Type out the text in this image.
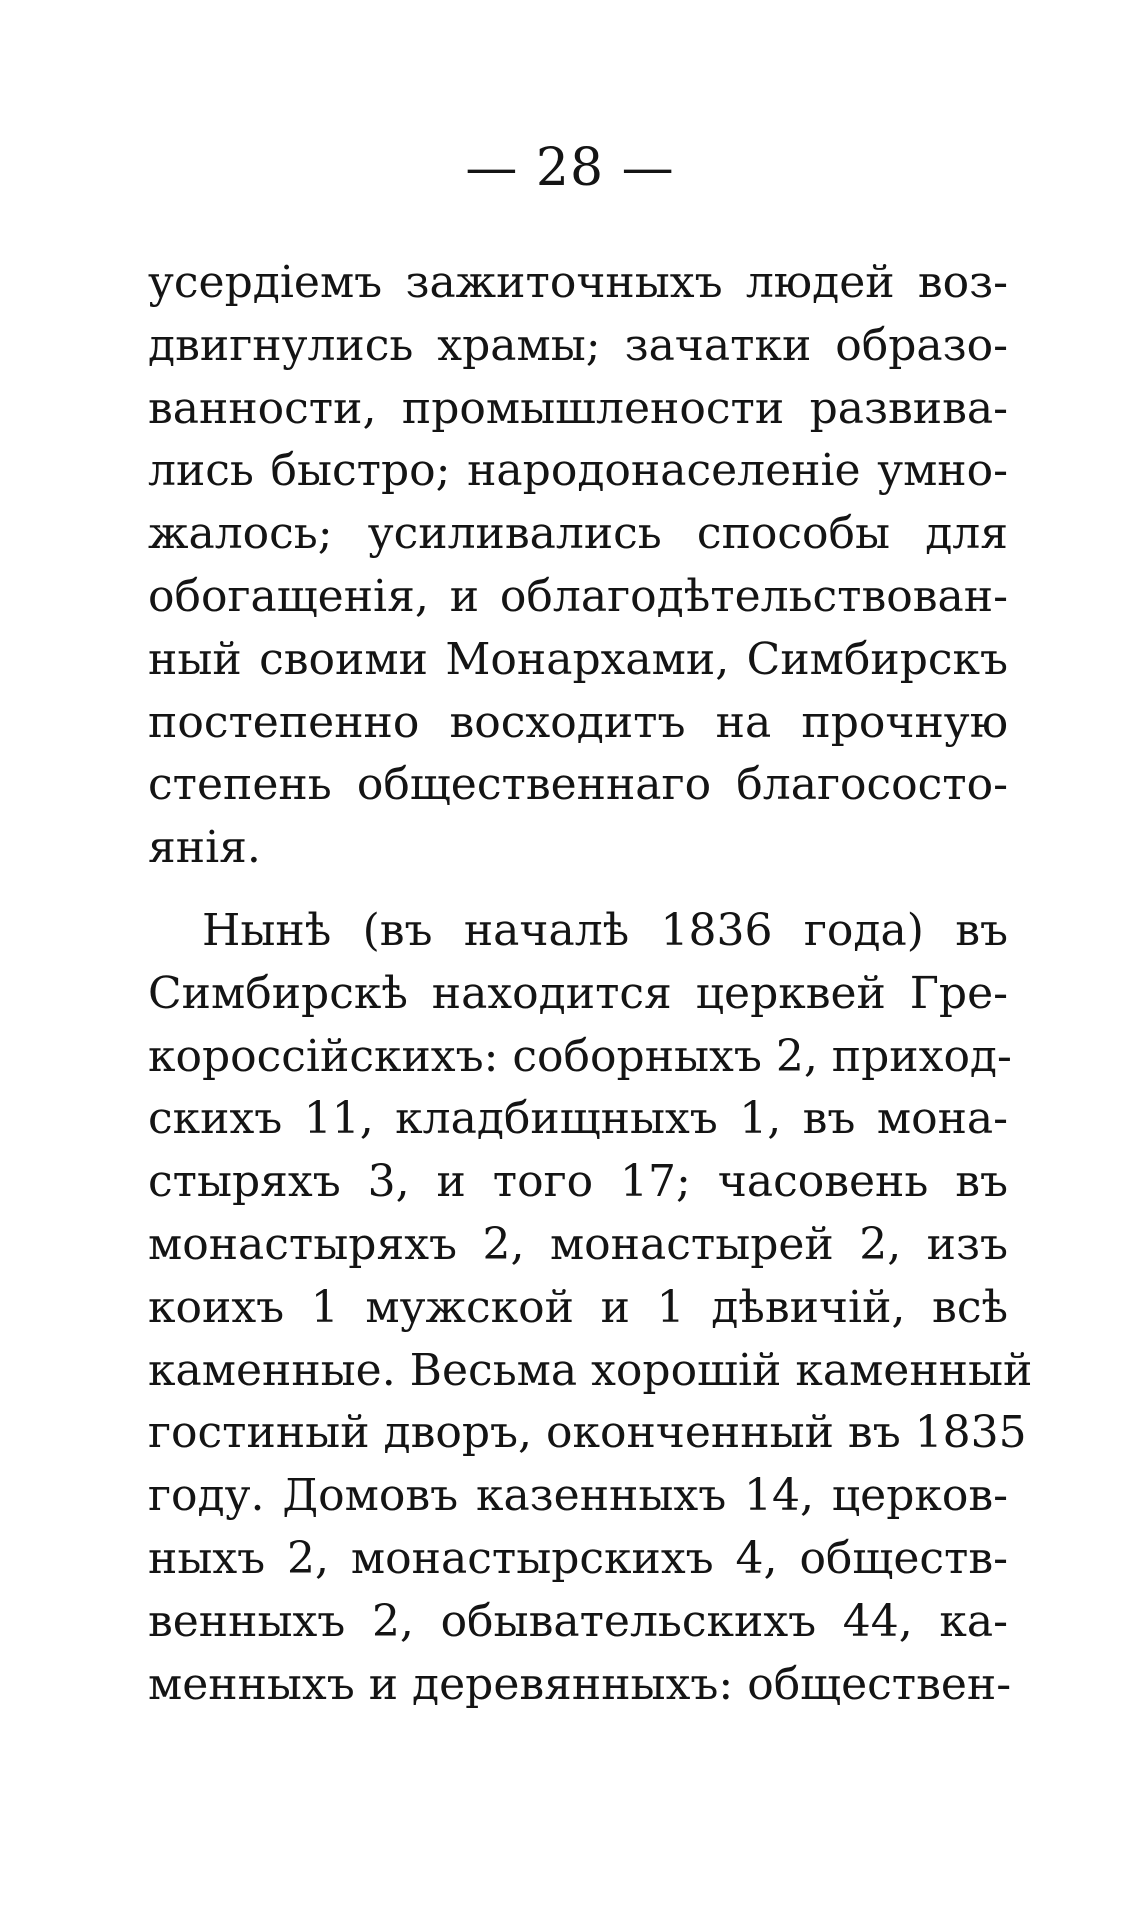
— 28 —
усердіемъ зажиточныхъ людей воз-
двигнулись храмы; зачатки образо-
ванности, промышлености развива-
лись быстро; народонаселеніе умно-
жалось; усиливались способы для
обогащенія, и облагодѣтельствован-
ный своими Монархами, Симбирскъ
постепенно восходитъ на прочную
степень общественнаго благососто-
янія.
Нынѣ (въ началѣ 1836 года) въ
Симбирскѣ находится церквей Гре-
короссійскихъ: соборныхъ 2, приход-
скихъ 11, кладбищныхъ 1, въ мона-
стыряхъ 3, и того 17; часовень въ
монастыряхъ 2, монастырей 2, изъ
коихъ 1 мужской и 1 дѣвичій, всѣ
каменные. Весьма хорошій каменный
гостиный дворъ, оконченный въ 1835
году. Домовъ казенныхъ 14, церков-
ныхъ 2, монастырскихъ 4, обществ-
венныхъ 2, обывательскихъ 44, ка-
менныхъ и деревянныхъ: обществен-
